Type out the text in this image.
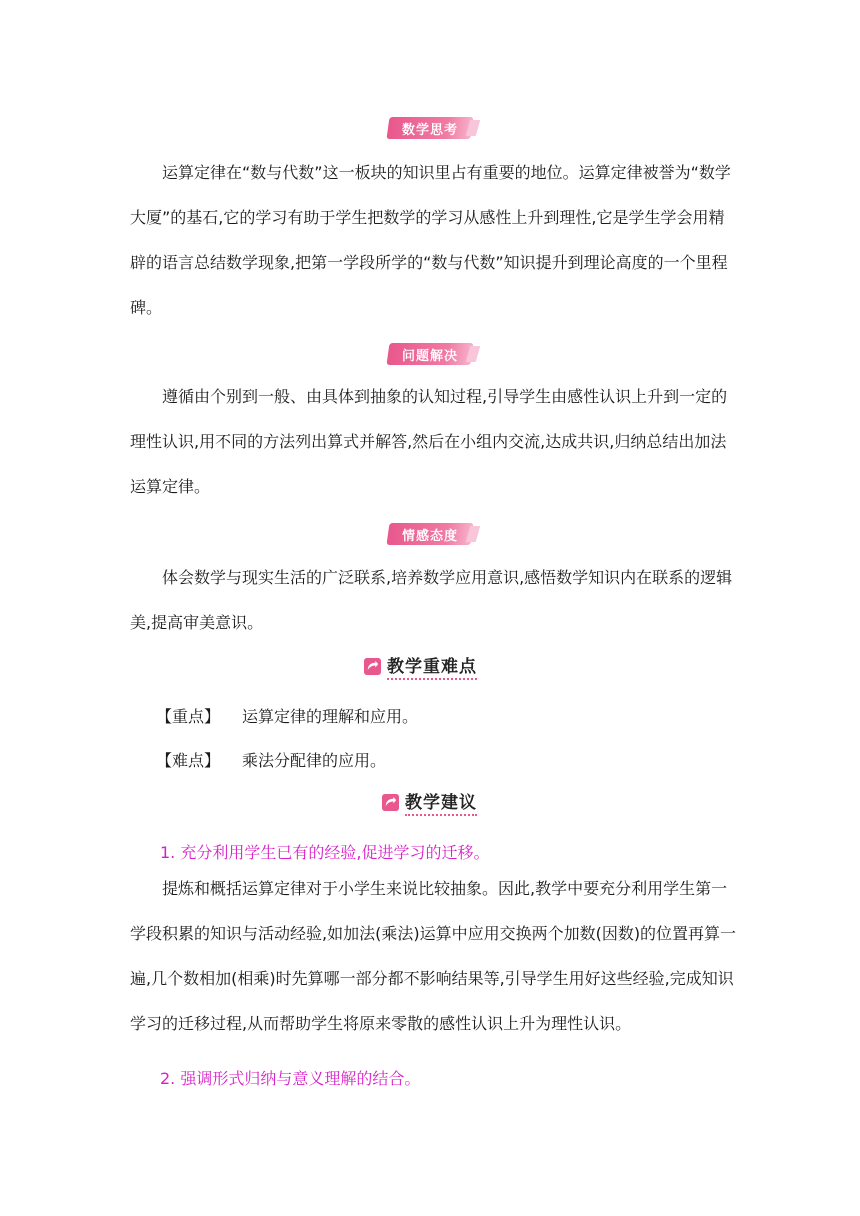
数学思考

运算定律在“数与代数”这一板块的知识里占有重要的地位。运算定律被誉为“数学大厦”的基石,它的学习有助于学生把数学的学习从感性上升到理性,它是学生学会用精辟的语言总结数学现象,把第一学段所学的“数与代数”知识提升到理论高度的一个里程碑。

问题解决

遵循由个别到一般、由具体到抽象的认知过程,引导学生由感性认识上升到一定的理性认识,用不同的方法列出算式并解答,然后在小组内交流,达成共识,归纳总结出加法运算定律。

情感态度

体会数学与现实生活的广泛联系,培养数学应用意识,感悟数学知识内在联系的逻辑美,提高审美意识。

教学重难点
【重点】	运算定律的理解和应用。
【难点】	乘法分配律的应用。
教学建议
1. 充分利用学生已有的经验,促进学习的迁移。

提炼和概括运算定律对于小学生来说比较抽象。因此,教学中要充分利用学生第一学段积累的知识与活动经验,如加法(乘法)运算中应用交换两个加数(因数)的位置再算一遍,几个数相加(相乘)时先算哪一部分都不影响结果等,引导学生用好这些经验,完成知识学习的迁移过程,从而帮助学生将原来零散的感性认识上升为理性认识。

2. 强调形式归纳与意义理解的结合。
